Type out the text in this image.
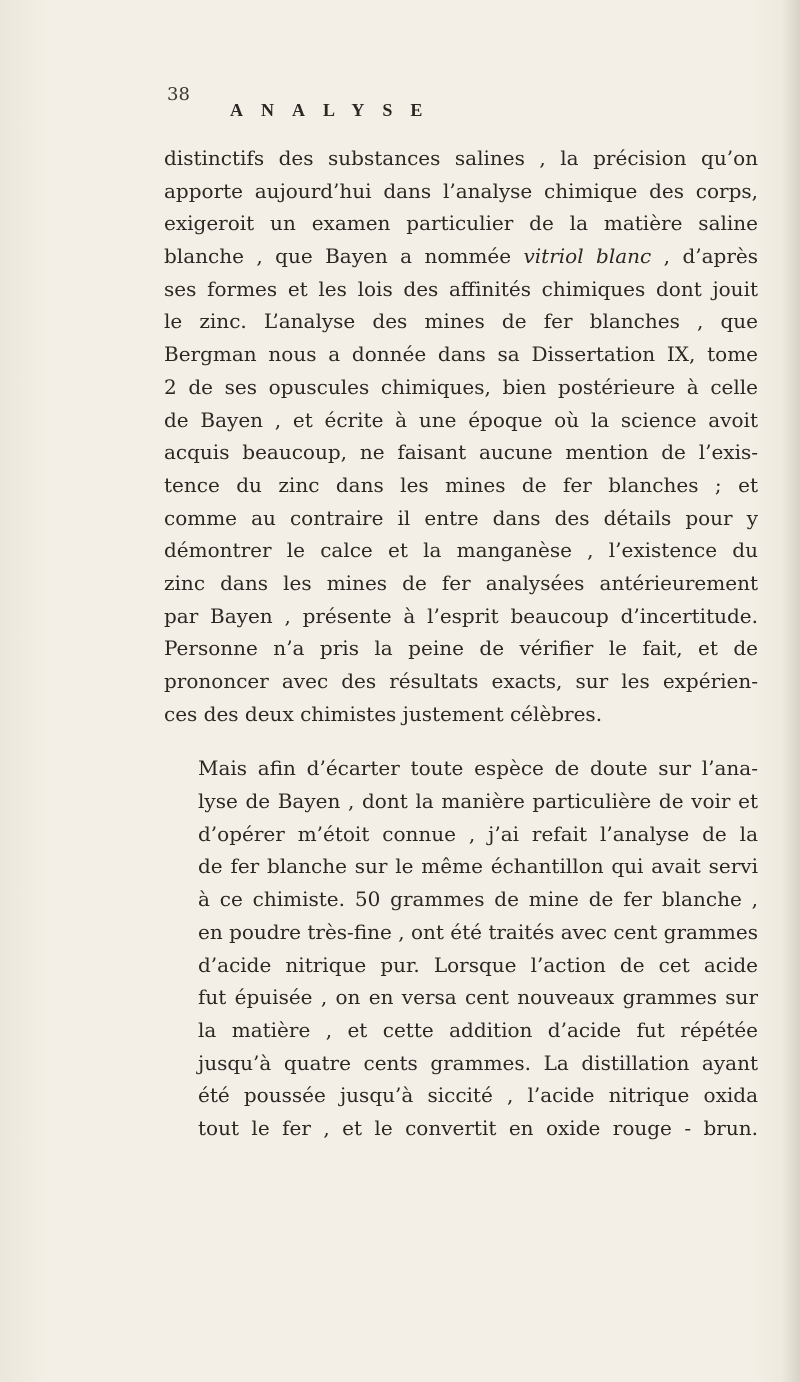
38
ANALYSE
distinctifs des substances salines , la précision qu’on
apporte aujourd’hui dans l’analyse chimique des corps,
exigeroit un examen particulier de la matière saline
blanche , que Bayen a nommée vitriol blanc , d’après
ses formes et les lois des affinités chimiques dont jouit
le zinc. L’analyse des mines de fer blanches , que
Bergman nous a donnée dans sa Dissertation IX, tome
2 de ses opuscules chimiques, bien postérieure à celle
de Bayen , et écrite à une époque où la science avoit
acquis beaucoup, ne faisant aucune mention de l’exis-
tence du zinc dans les mines de fer blanches ; et
comme au contraire il entre dans des détails pour y
démontrer le calce et la manganèse , l’existence du
zinc dans les mines de fer analysées antérieurement
par Bayen , présente à l’esprit beaucoup d’incertitude.
Personne n’a pris la peine de vérifier le fait, et de
prononcer avec des résultats exacts, sur les expérien-
ces des deux chimistes justement célèbres.
Mais afin d’écarter toute espèce de doute sur l’ana-
lyse de Bayen , dont la manière particulière de voir et
d’opérer m’étoit connue , j’ai refait l’analyse de la
de fer blanche sur le même échantillon qui avait servi
à ce chimiste. 50 grammes de mine de fer blanche ,
en poudre très-fine , ont été traités avec cent grammes
d’acide nitrique pur. Lorsque l’action de cet acide
fut épuisée , on en versa cent nouveaux grammes sur
la matière , et cette addition d’acide fut répétée
jusqu’à quatre cents grammes. La distillation ayant
été poussée jusqu’à siccité , l’acide nitrique oxida
tout le fer , et le convertit en oxide rouge - brun.
